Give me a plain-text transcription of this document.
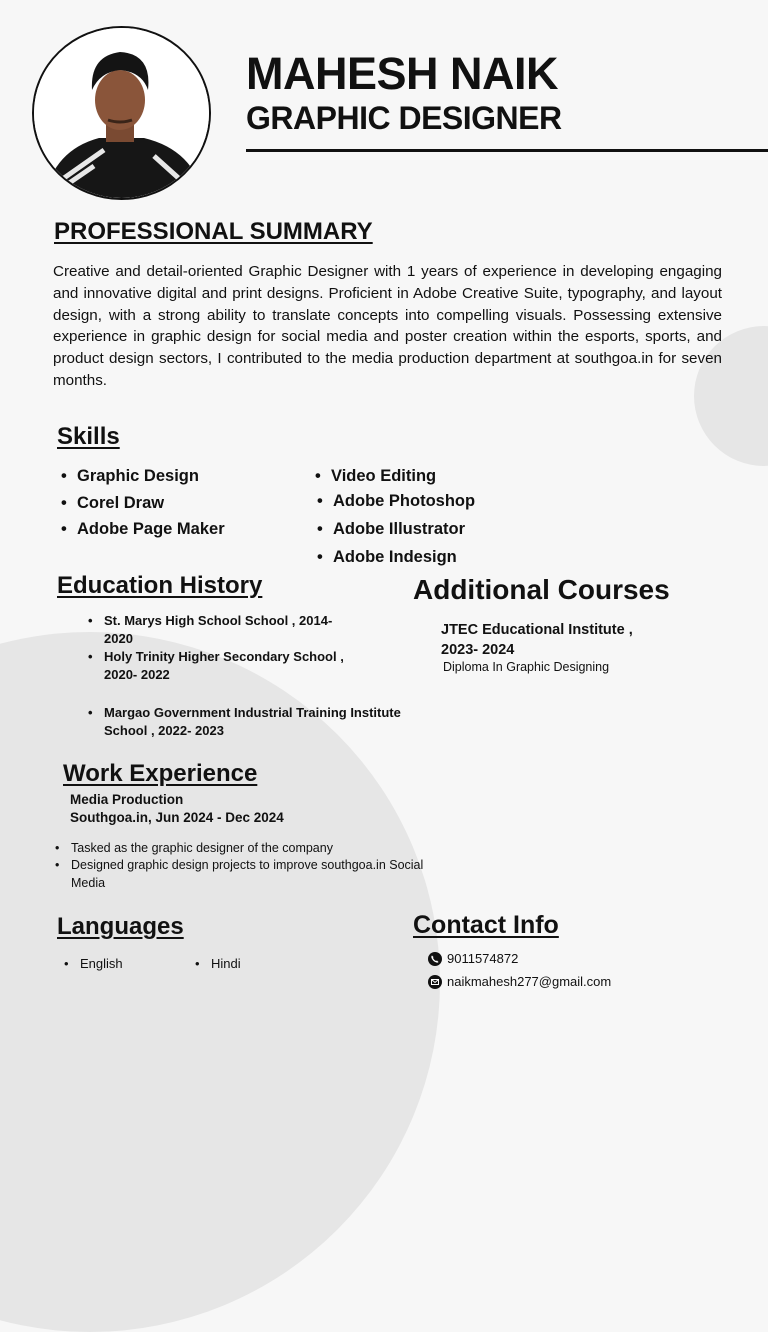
MAHESH NAIK
GRAPHIC DESIGNER
PROFESSIONAL SUMMARY

Creative and detail-oriented Graphic Designer with 1 years of experience in developing engaging and innovative digital and print designs. Proficient in Adobe Creative Suite, typography, and layout design, with a strong ability to translate concepts into compelling visuals. Possessing extensive experience in graphic design for social media and poster creation within the esports, sports, and product design sectors, I contributed to the media production department at southgoa.in for seven months.

Skills
• Graphic Design
• Corel Draw
• Adobe Page Maker
• Video Editing
• Adobe Photoshop
• Adobe Illustrator
• Adobe Indesign
Education History
• St. Marys High School School , 2014- 2020
• Holy Trinity Higher Secondary School , 2020- 2022
• Margao Government Industrial Training Institute School , 2022- 2023
Additional Courses
JTEC Educational Institute , 2023- 2024
Diploma In Graphic Designing
Work Experience
Media Production
Southgoa.in, Jun 2024 - Dec 2024
• Tasked as the graphic designer of the company
• Designed graphic design projects to improve southgoa.in Social Media
Languages
• English
•	Hindi
Contact Info
9011574872
naikmahesh277@gmail.com
